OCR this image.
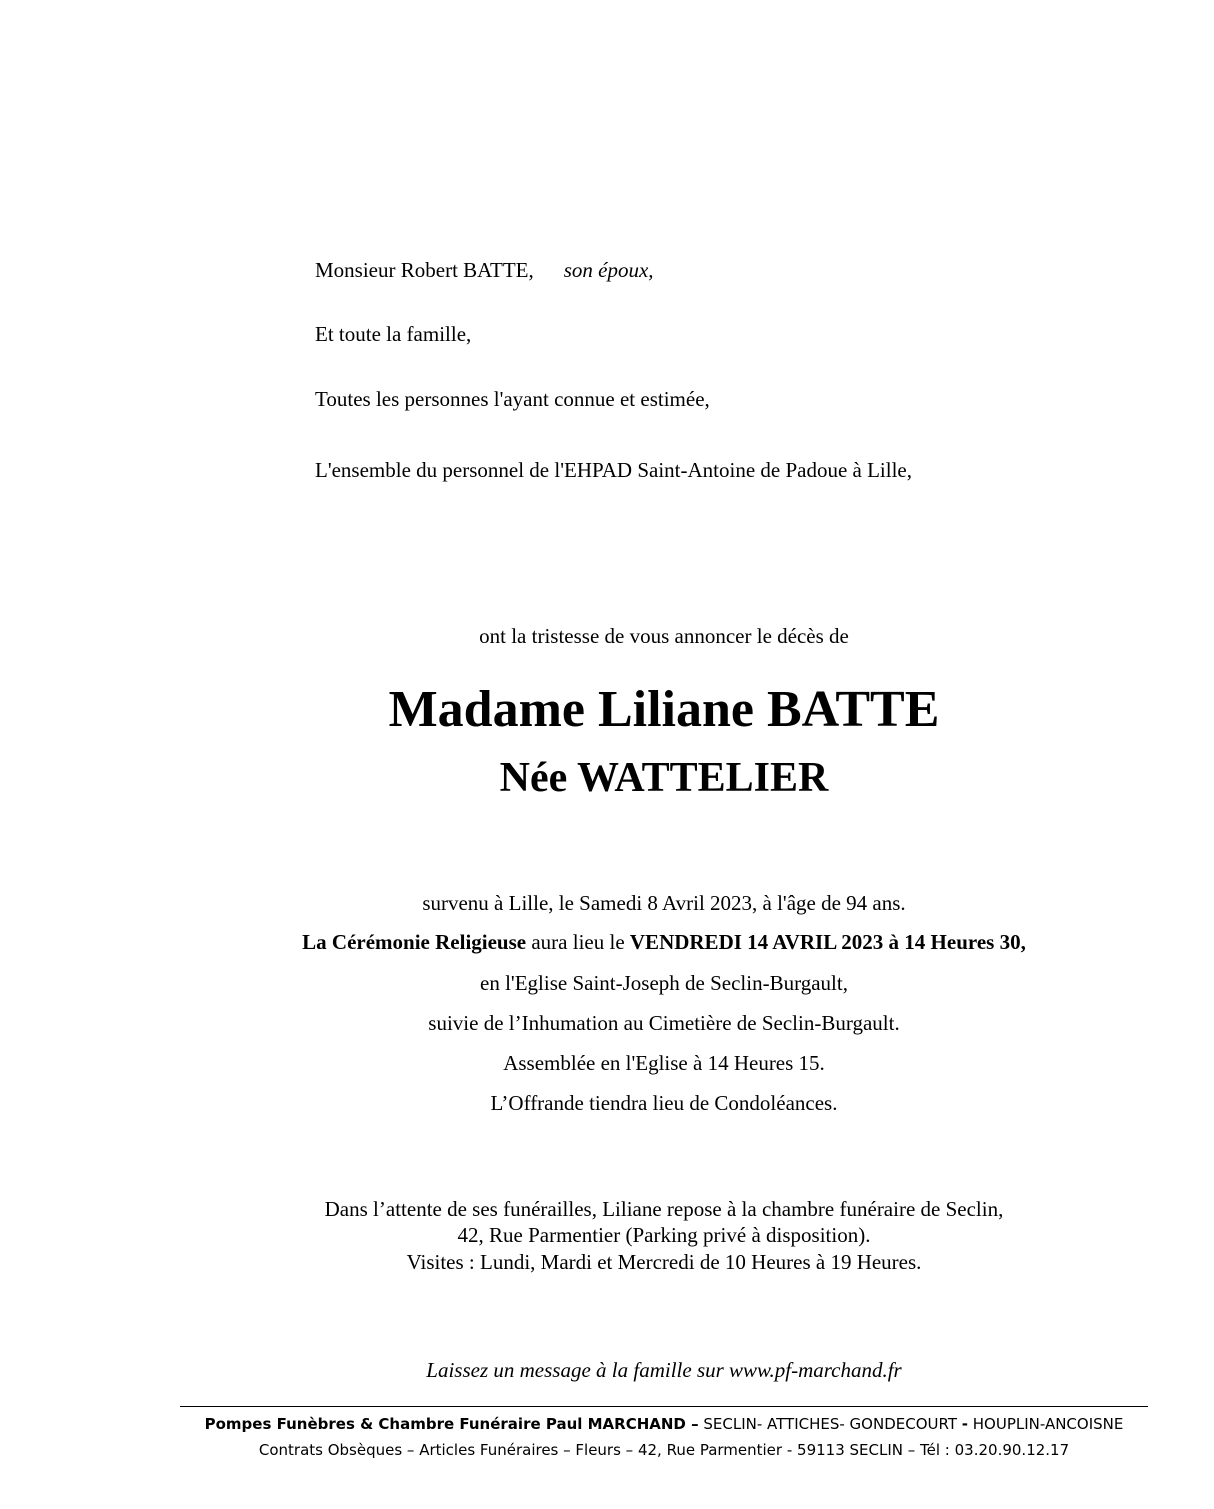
Monsieur Robert BATTE, son époux,
Et toute la famille,
Toutes les personnes l'ayant connue et estimée,
L'ensemble du personnel de l'EHPAD Saint-Antoine de Padoue à Lille,
ont la tristesse de vous annoncer le décès de
Madame Liliane BATTE
Née WATTELIER
survenu à Lille, le Samedi 8 Avril 2023, à l'âge de 94 ans.
La Cérémonie Religieuse aura lieu le VENDREDI 14 AVRIL 2023 à 14 Heures 30,
en l'Eglise Saint-Joseph de Seclin-Burgault,
suivie de l’Inhumation au Cimetière de Seclin-Burgault.
Assemblée en l'Eglise à 14 Heures 15.
L’Offrande tiendra lieu de Condoléances.
Dans l’attente de ses funérailles, Liliane repose à la chambre funéraire de Seclin,
42, Rue Parmentier (Parking privé à disposition).
Visites : Lundi, Mardi et Mercredi de 10 Heures à 19 Heures.
Laissez un message à la famille sur www.pf-marchand.fr
Pompes Funèbres & Chambre Funéraire Paul MARCHAND – SECLIN- ATTICHES- GONDECOURT - HOUPLIN-ANCOISNE
Contrats Obsèques – Articles Funéraires – Fleurs – 42, Rue Parmentier - 59113 SECLIN – Tél : 03.20.90.12.17
